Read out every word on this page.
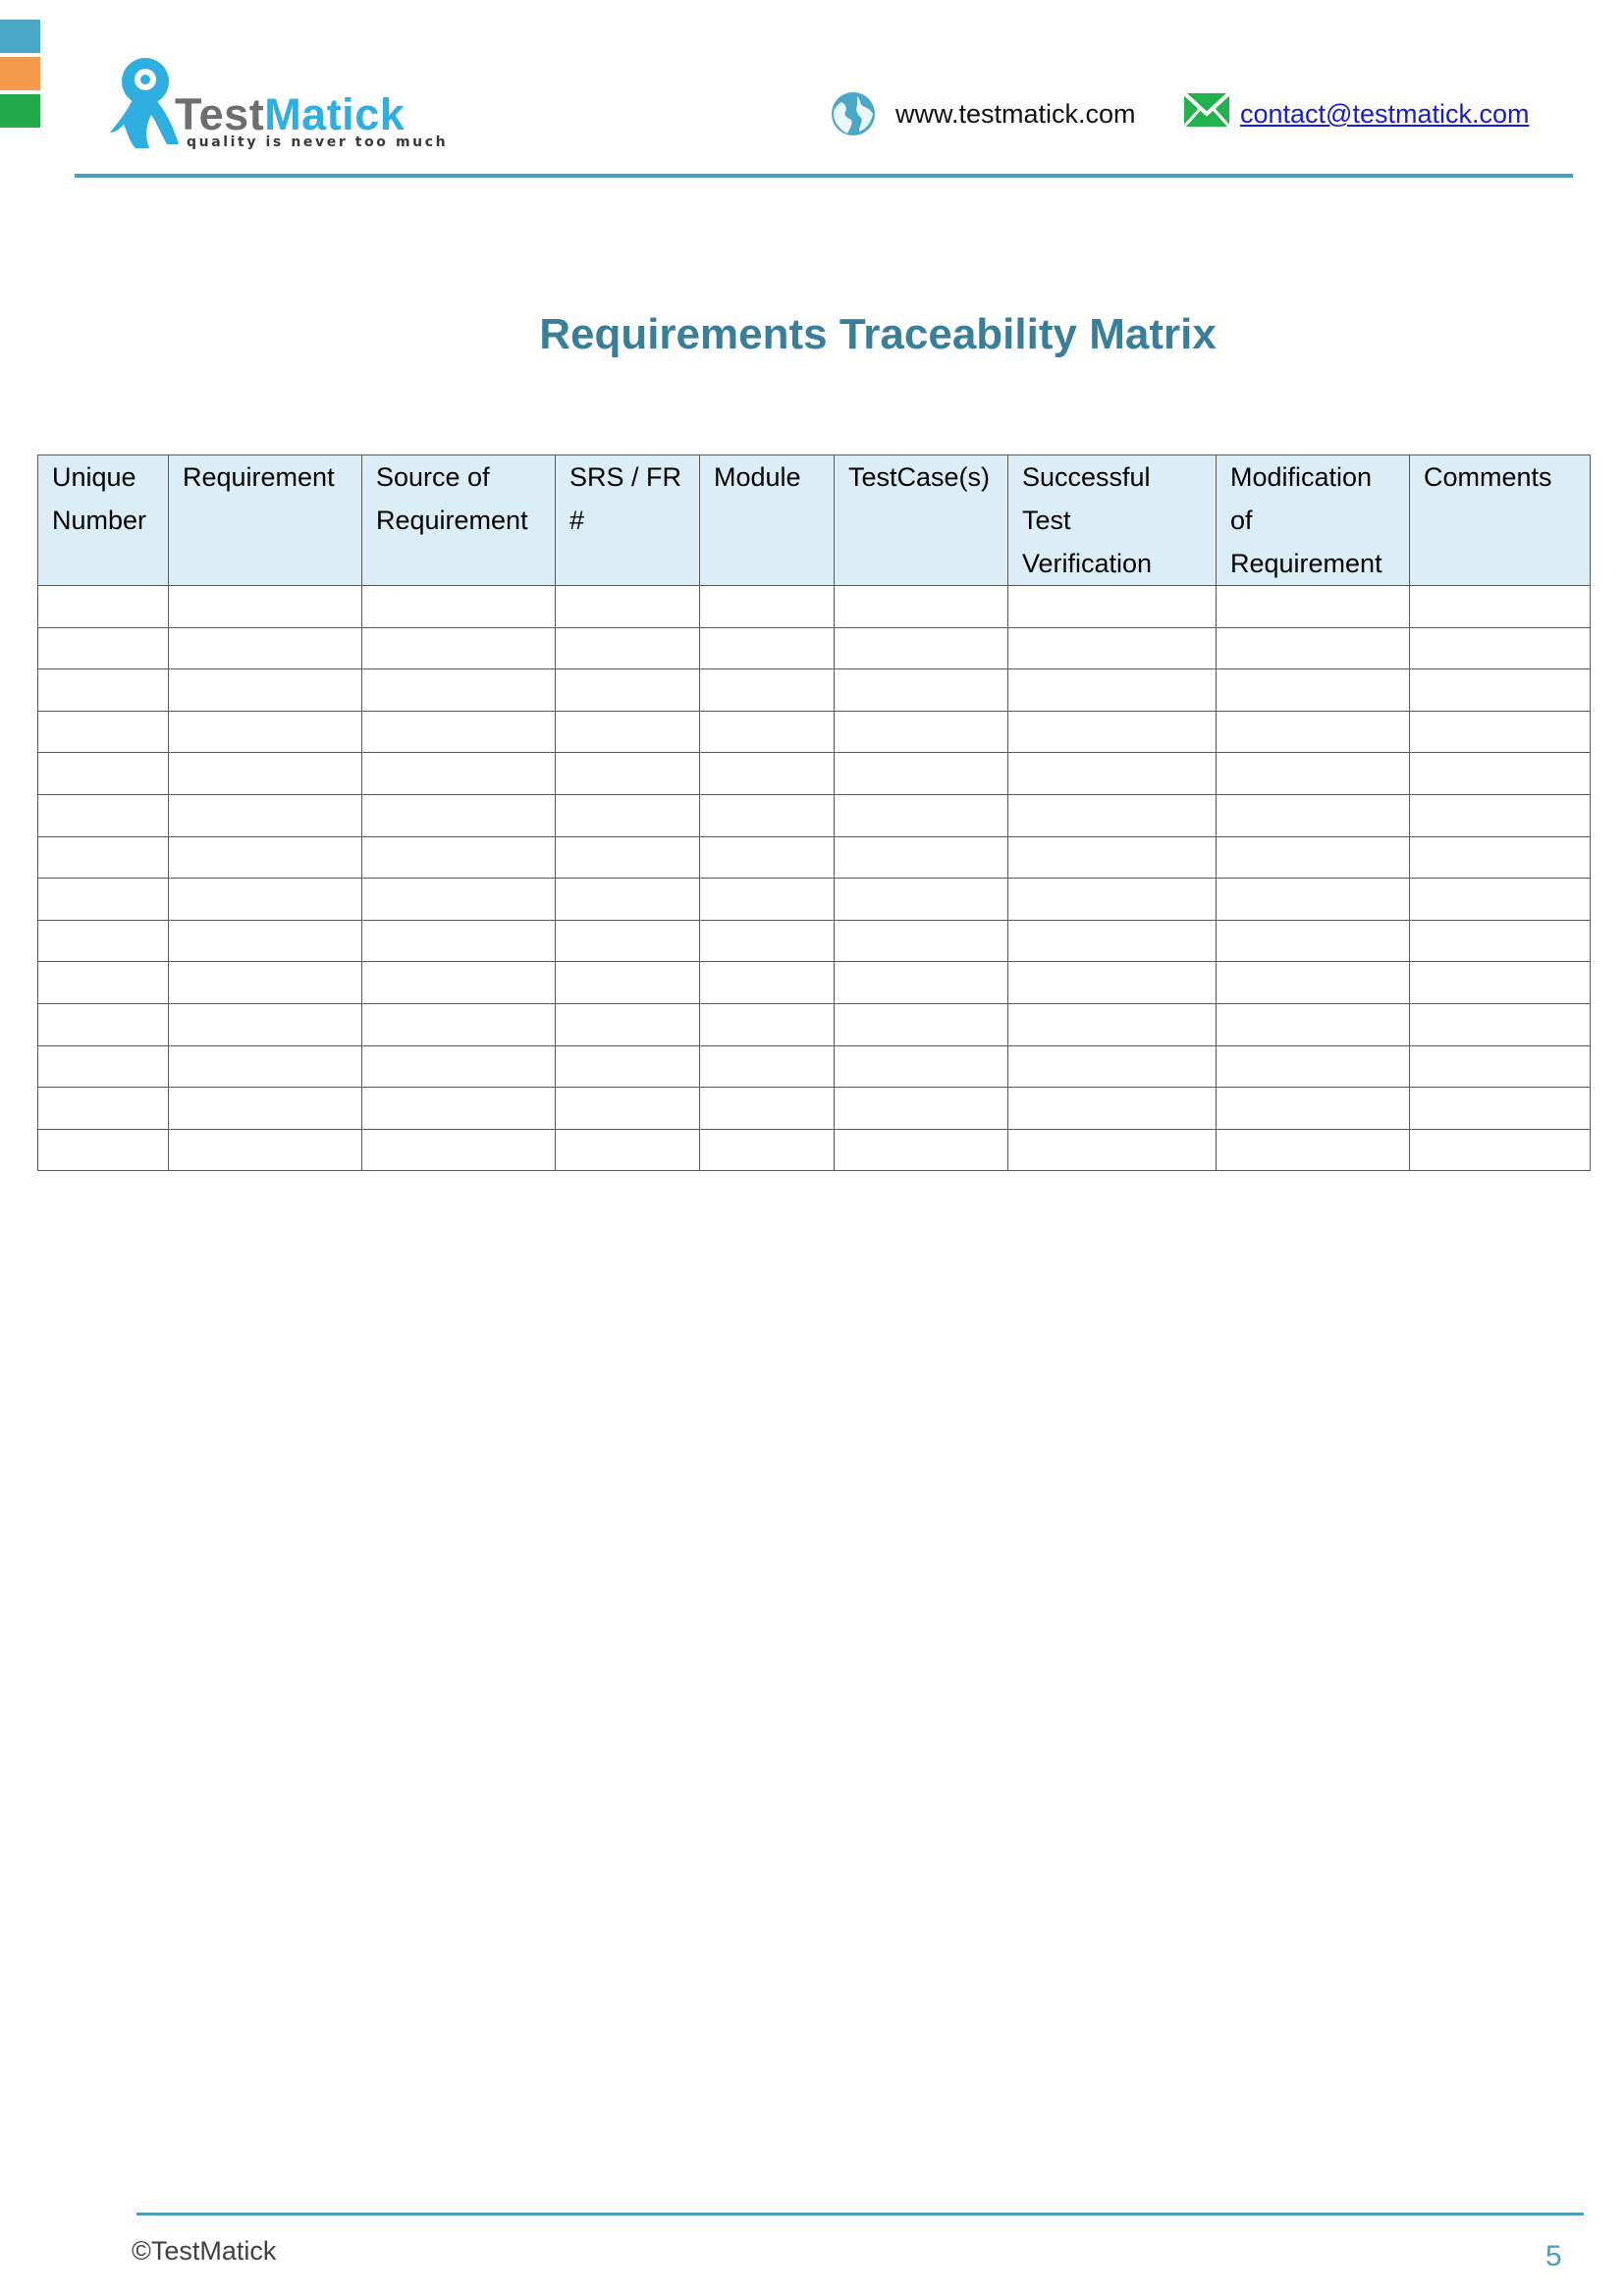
TestMatick
quality is never too much
www.testmatick.com	contact@testmatick.com
Requirements Traceability Matrix
Unique Number	Requirement	Source of Requirement	SRS / FR #	Module	TestCase(s)	Successful Test Verification	Modification of Requirement	Comments

©TestMatick	5
